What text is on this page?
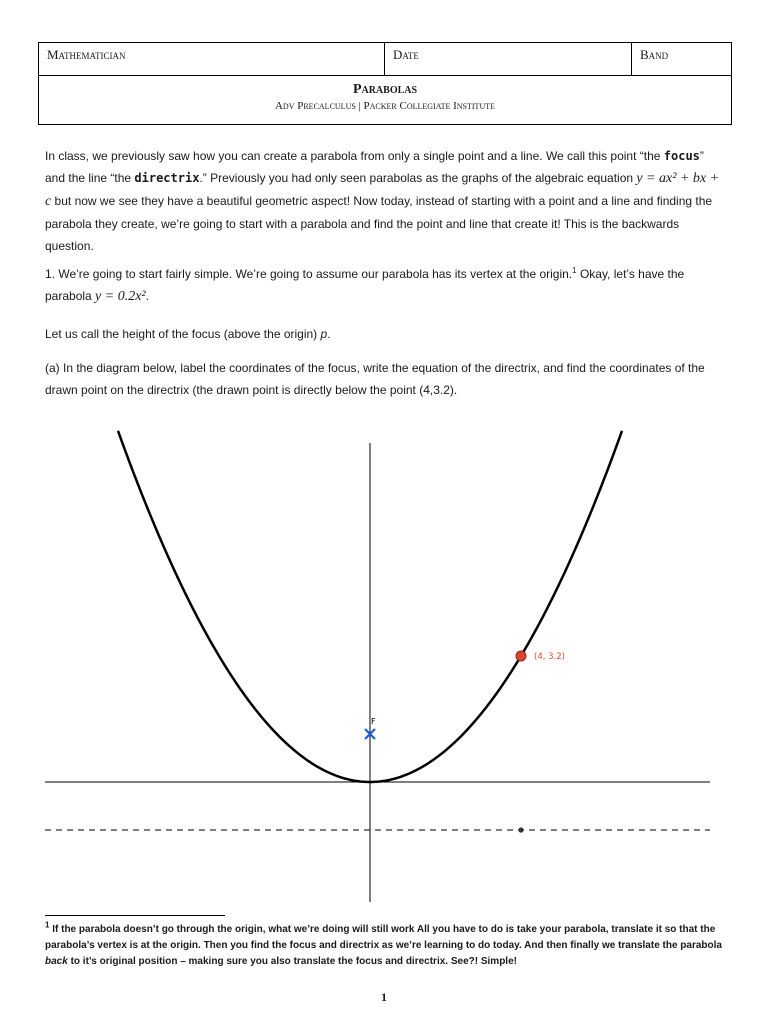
Mathematician	Date	Band

Parabolas
Adv Precalculus | Packer Collegiate Institute
In class, we previously saw how you can create a parabola from only a single point and a line. We call this point “the focus” and the line “the directrix.” Previously you had only seen parabolas as the graphs of the algebraic equation y = ax² + bx + c but now we see they have a beautiful geometric aspect! Now today, instead of starting with a point and a line and finding the parabola they create, we’re going to start with a parabola and find the point and line that create it! This is the backwards question.
1. We’re going to start fairly simple. We’re going to assume our parabola has its vertex at the origin.$^1$ Okay, let’s have the parabola y = 0.2x².
Let us call the height of the focus (above the origin) p.
(a) In the diagram below, label the coordinates of the focus, write the equation of the directrix, and find the coordinates of the drawn point on the directrix (the drawn point is directly below the point (4,3.2).
F
(4, 3.2)
$^1$ If the parabola doesn’t go through the origin, what we’re doing will still work All you have to do is take your parabola, translate it so that the parabola’s vertex is at the origin. Then you find the focus and directrix as we’re learning to do today. And then finally we translate the parabola back to it’s original position – making sure you also translate the focus and directrix. See?! Simple!
1
